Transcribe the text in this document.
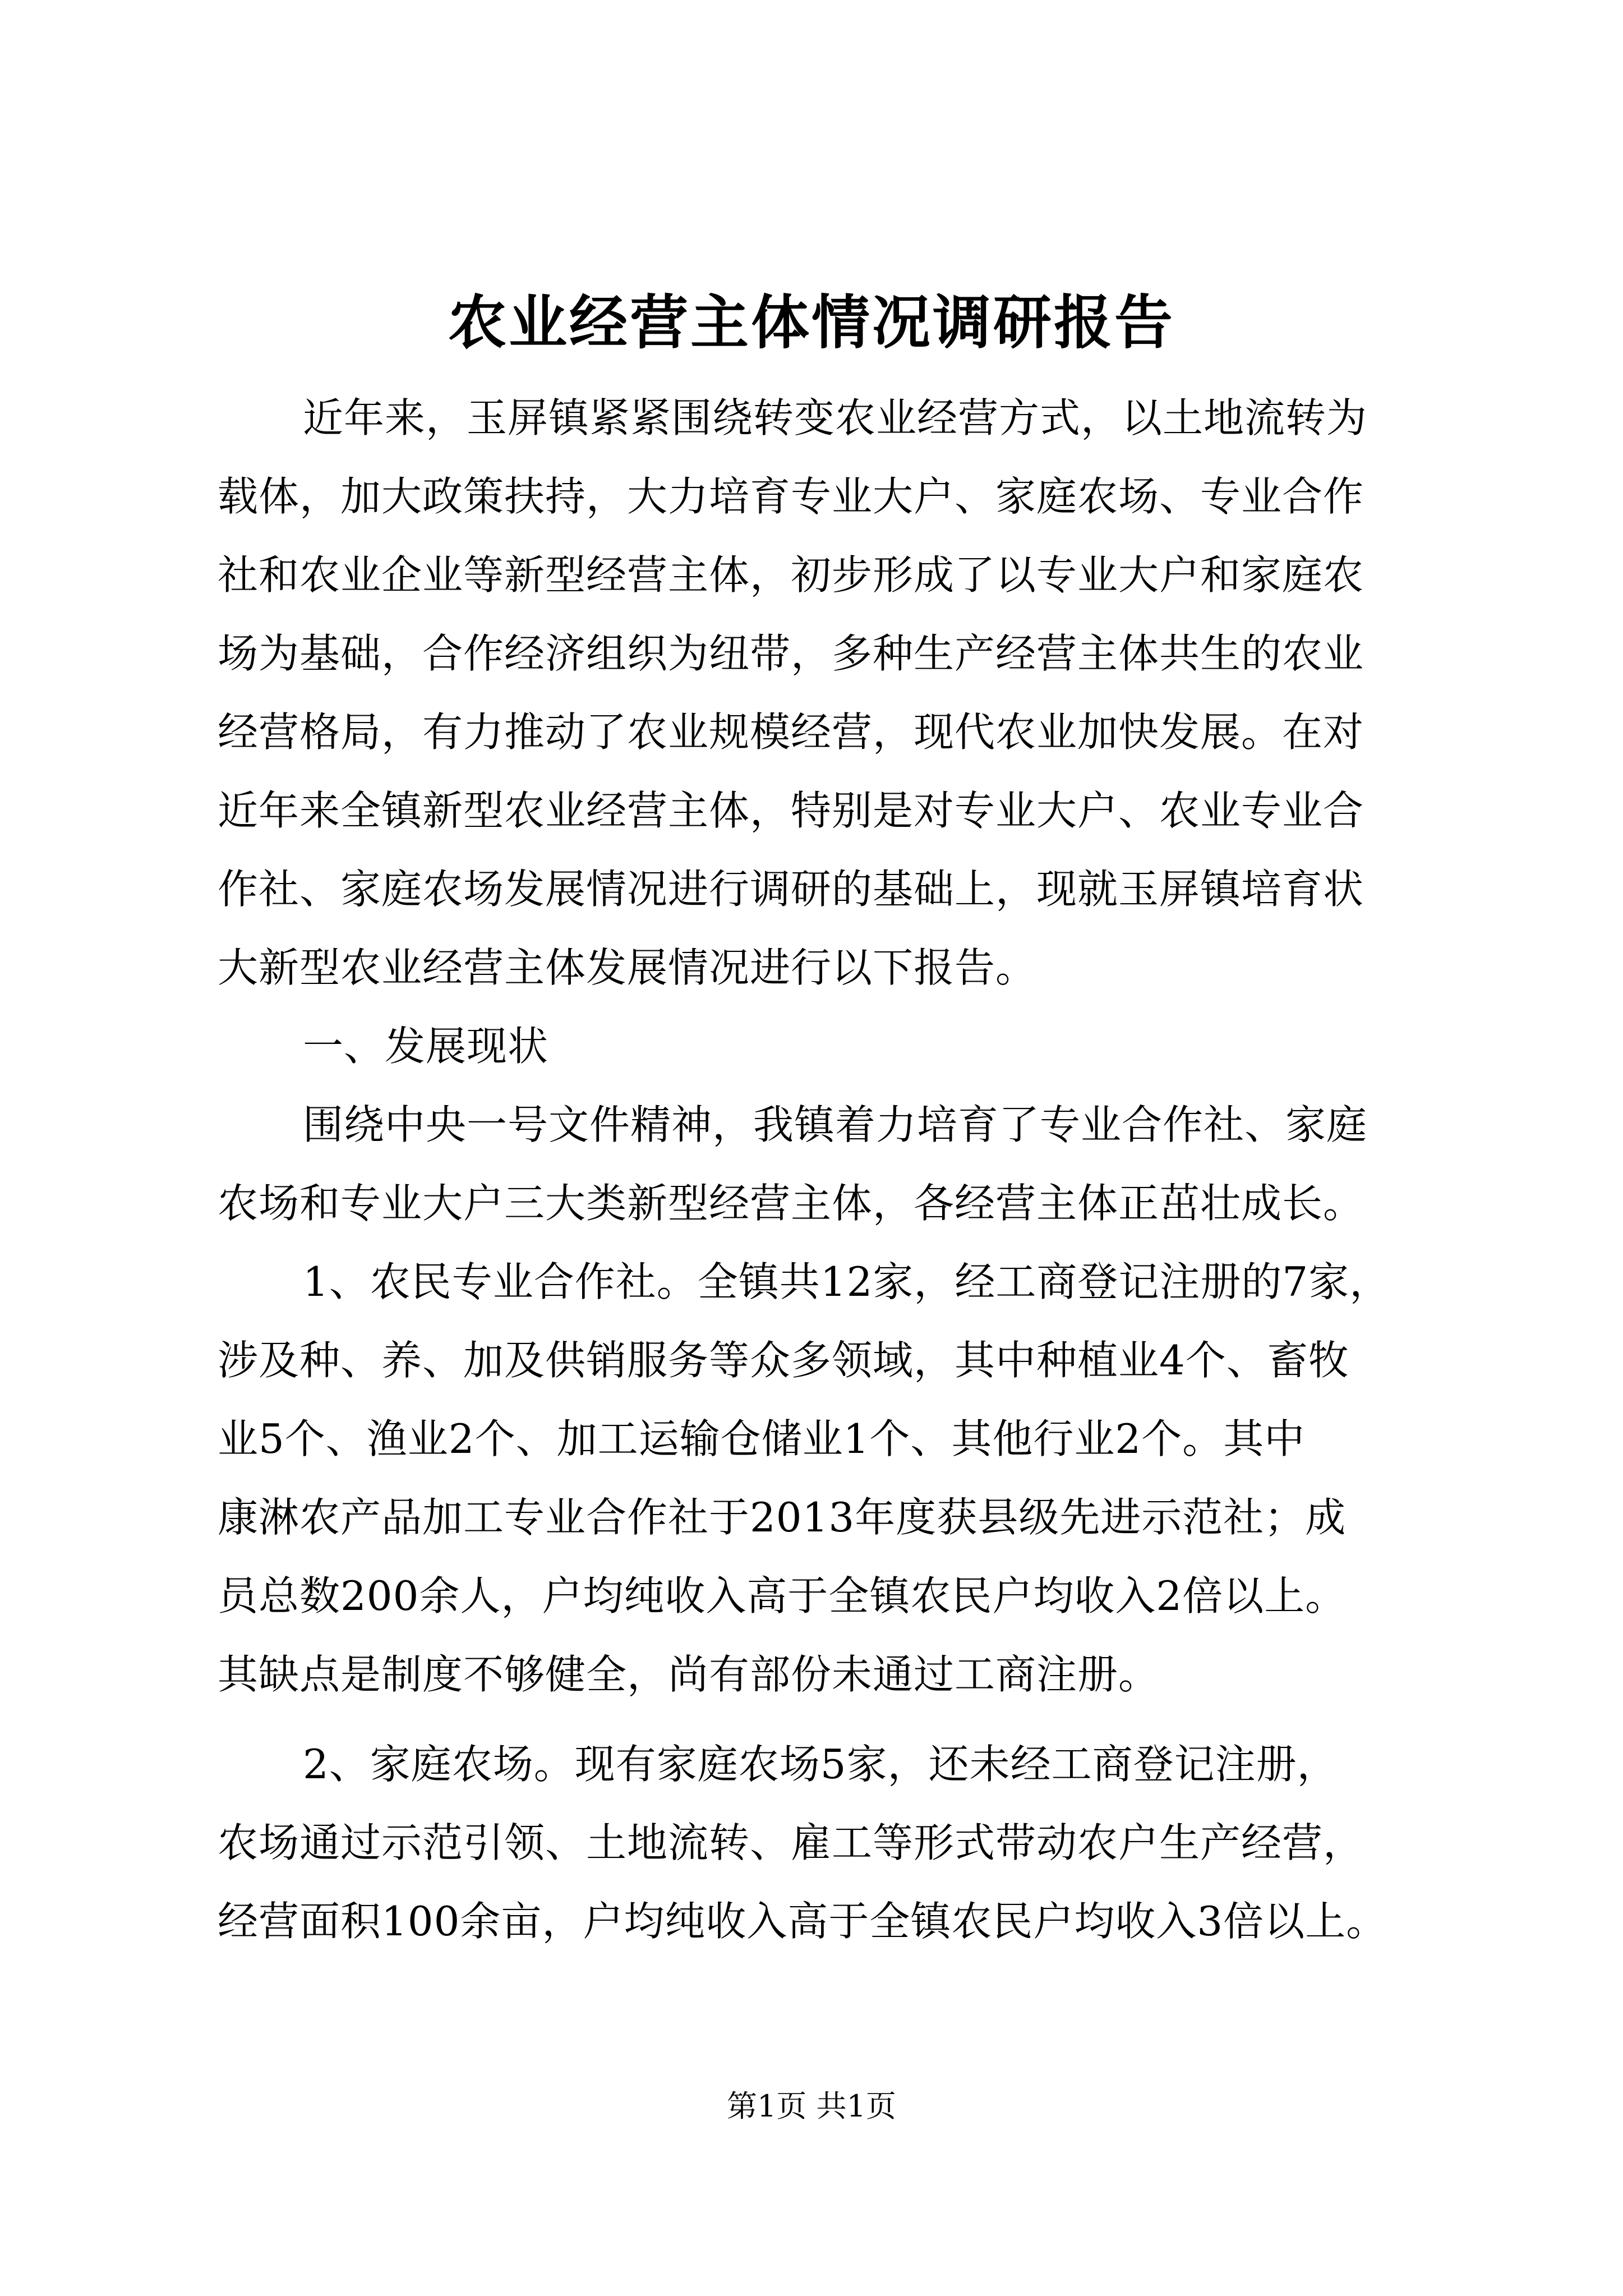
农业经营主体情况调研报告
近年来，玉屏镇紧紧围绕转变农业经营方式，以土地流转为
载体，加大政策扶持，大力培育专业大户、家庭农场、专业合作
社和农业企业等新型经营主体，初步形成了以专业大户和家庭农
场为基础，合作经济组织为纽带，多种生产经营主体共生的农业
经营格局，有力推动了农业规模经营，现代农业加快发展。在对
近年来全镇新型农业经营主体，特别是对专业大户、农业专业合
作社、家庭农场发展情况进行调研的基础上，现就玉屏镇培育状
大新型农业经营主体发展情况进行以下报告。
一、发展现状
围绕中央一号文件精神，我镇着力培育了专业合作社、家庭
农场和专业大户三大类新型经营主体，各经营主体正茁壮成长。
1、农民专业合作社。全镇共12家，经工商登记注册的7家，
涉及种、养、加及供销服务等众多领域，其中种植业4个、畜牧
业5个、渔业2个、加工运输仓储业1个、其他行业2个。其中
康淋农产品加工专业合作社于2013年度获县级先进示范社；成
员总数200余人，户均纯收入高于全镇农民户均收入2倍以上。
其缺点是制度不够健全，尚有部份未通过工商注册。
2、家庭农场。现有家庭农场5家，还未经工商登记注册，
农场通过示范引领、土地流转、雇工等形式带动农户生产经营，
经营面积100余亩，户均纯收入高于全镇农民户均收入3倍以上。
第1页 共1页
